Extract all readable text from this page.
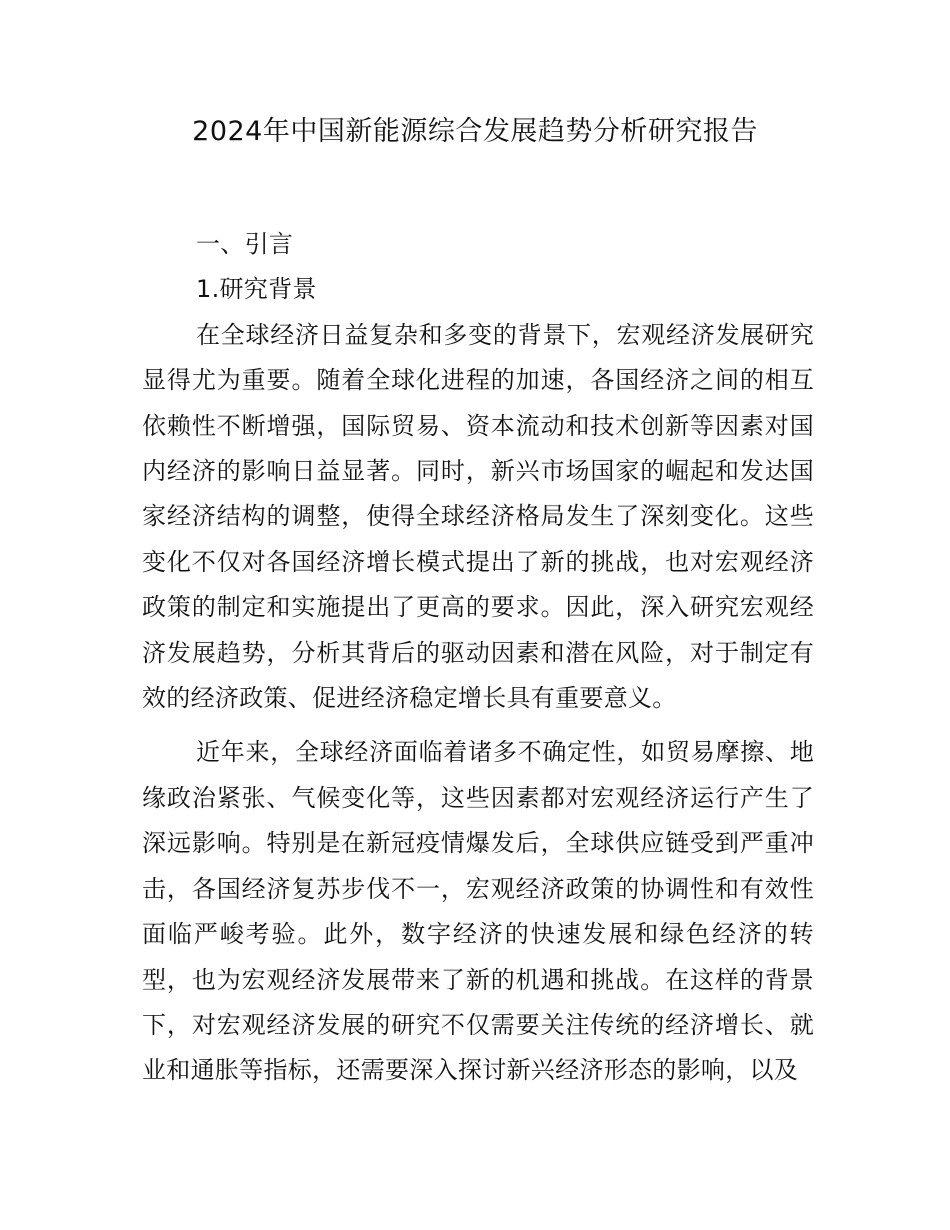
2024年中国新能源综合发展趋势分析研究报告
一、引言
1.研究背景

在全球经济日益复杂和多变的背景下，宏观经济发展研究显得尤为重要。随着全球化进程的加速，各国经济之间的相互依赖性不断增强，国际贸易、资本流动和技术创新等因素对国内经济的影响日益显著。同时，新兴市场国家的崛起和发达国家经济结构的调整，使得全球经济格局发生了深刻变化。这些变化不仅对各国经济增长模式提出了新的挑战，也对宏观经济政策的制定和实施提出了更高的要求。因此，深入研究宏观经济发展趋势，分析其背后的驱动因素和潜在风险，对于制定有效的经济政策、促进经济稳定增长具有重要意义。

近年来，全球经济面临着诸多不确定性，如贸易摩擦、地缘政治紧张、气候变化等，这些因素都对宏观经济运行产生了深远影响。特别是在新冠疫情爆发后，全球供应链受到严重冲击，各国经济复苏步伐不一，宏观经济政策的协调性和有效性面临严峻考验。此外，数字经济的快速发展和绿色经济的转型，也为宏观经济发展带来了新的机遇和挑战。在这样的背景下，对宏观经济发展的研究不仅需要关注传统的经济增长、就业和通胀等指标，还需要深入探讨新兴经济形态的影响，以及
